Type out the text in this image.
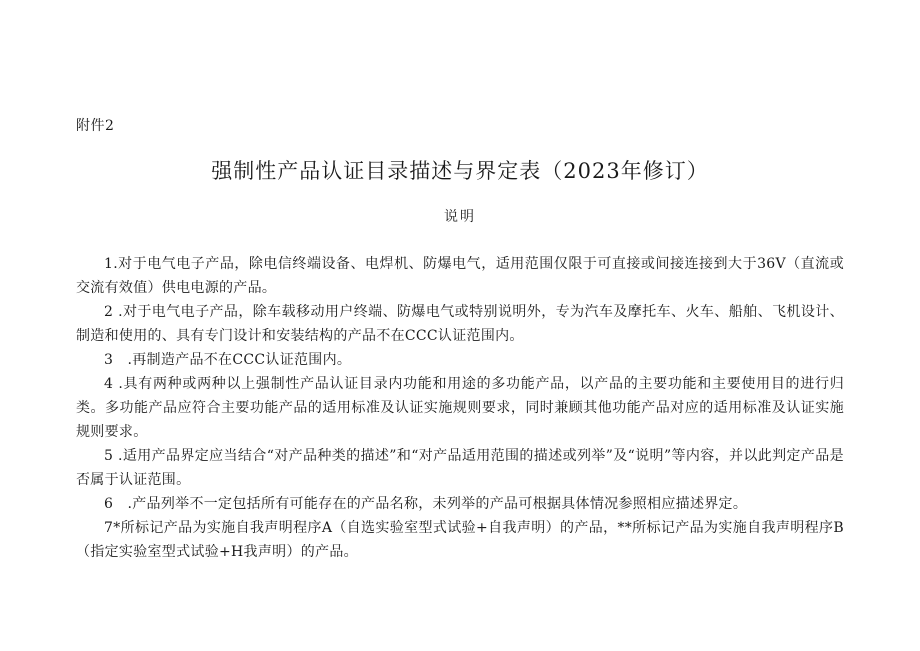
附件2
强制性产品认证目录描述与界定表（2023年修订）
说明
1.对于电气电子产品，除电信终端设备、电焊机、防爆电气，适用范围仅限于可直接或间接连接到大于36V（直流或交流有效值）供电电源的产品。
2 .对于电气电子产品，除车载移动用户终端、防爆电气或特别说明外，专为汽车及摩托车、火车、船舶、飞机设计、制造和使用的、具有专门设计和安装结构的产品不在CCC认证范围内。
3　.再制造产品不在CCC认证范围内。
4 .具有两种或两种以上强制性产品认证目录内功能和用途的多功能产品，以产品的主要功能和主要使用目的进行归类。多功能产品应符合主要功能产品的适用标准及认证实施规则要求，同时兼顾其他功能产品对应的适用标准及认证实施规则要求。
5 .适用产品界定应当结合“对产品种类的描述”和“对产品适用范围的描述或列举”及“说明”等内容，并以此判定产品是否属于认证范围。
6　.产品列举不一定包括所有可能存在的产品名称，未列举的产品可根据具体情况参照相应描述界定。
7*所标记产品为实施自我声明程序A（自选实验室型式试验+自我声明）的产品，**所标记产品为实施自我声明程序B（指定实验室型式试验+H我声明）的产品。
